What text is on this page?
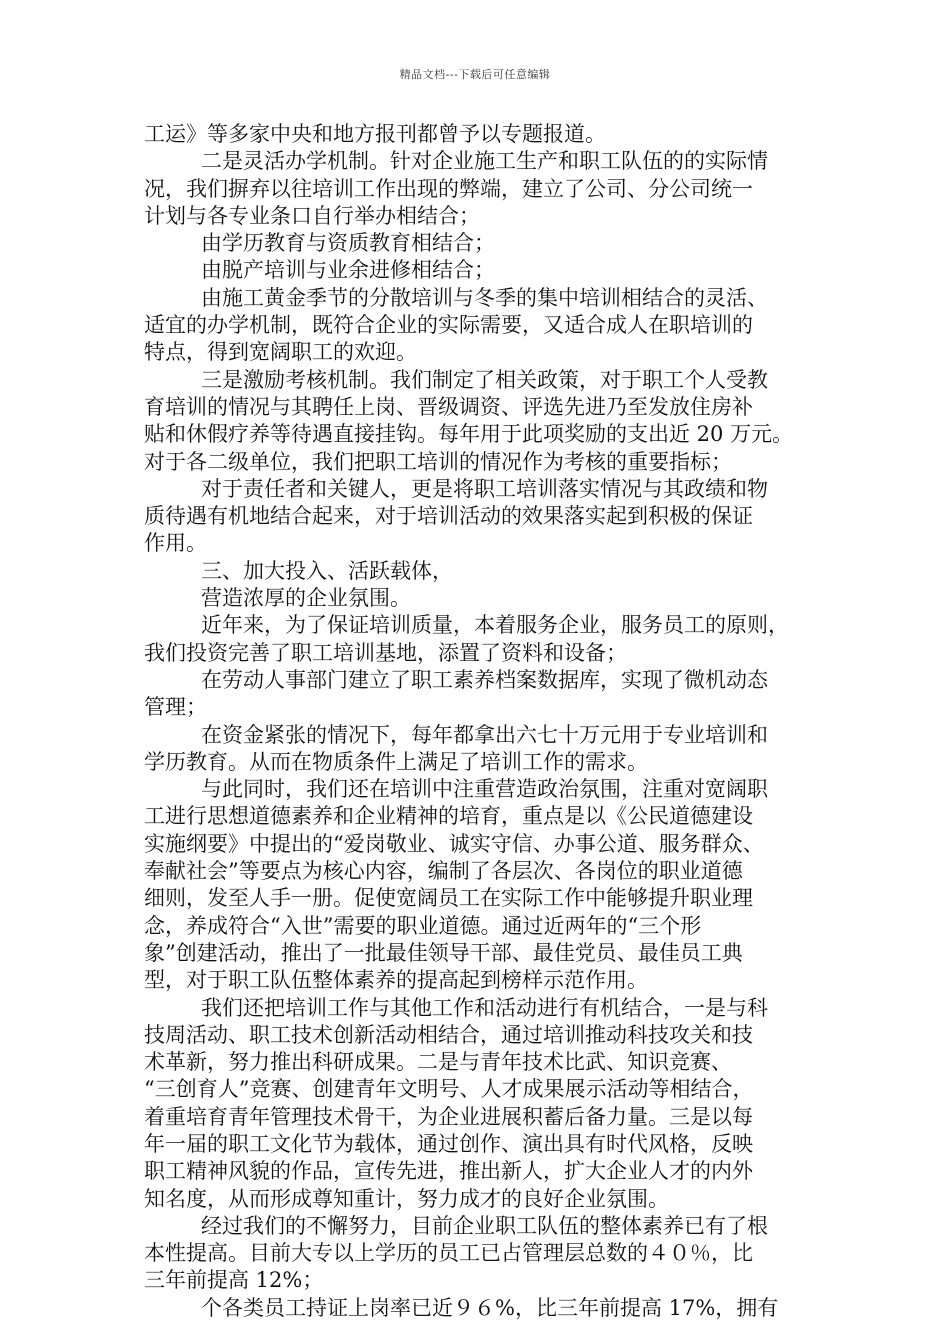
精品文档---下载后可任意编辑
工运》等多家中央和地方报刊都曾予以专题报道。
二是灵活办学机制。针对企业施工生产和职工队伍的的实际情
况，我们摒弃以往培训工作出现的弊端，建立了公司、分公司统一
计划与各专业条口自行举办相结合；
由学历教育与资质教育相结合；
由脱产培训与业余进修相结合；
由施工黄金季节的分散培训与冬季的集中培训相结合的灵活、
适宜的办学机制，既符合企业的实际需要，又适合成人在职培训的
特点，得到宽阔职工的欢迎。
三是激励考核机制。我们制定了相关政策，对于职工个人受教
育培训的情况与其聘任上岗、晋级调资、评选先进乃至发放住房补
贴和休假疗养等待遇直接挂钩。每年用于此项奖励的支出近 20 万元。
对于各二级单位，我们把职工培训的情况作为考核的重要指标；
对于责任者和关键人，更是将职工培训落实情况与其政绩和物
质待遇有机地结合起来，对于培训活动的效果落实起到积极的保证
作用。
三、加大投入、活跃载体，
营造浓厚的企业氛围。
近年来，为了保证培训质量，本着服务企业，服务员工的原则，
我们投资完善了职工培训基地，添置了资料和设备；
在劳动人事部门建立了职工素养档案数据库，实现了微机动态
管理；
在资金紧张的情况下，每年都拿出六七十万元用于专业培训和
学历教育。从而在物质条件上满足了培训工作的需求。
与此同时，我们还在培训中注重营造政治氛围，注重对宽阔职
工进行思想道德素养和企业精神的培育，重点是以《公民道德建设
实施纲要》中提出的“爱岗敬业、诚实守信、办事公道、服务群众、
奉献社会”等要点为核心内容，编制了各层次、各岗位的职业道德
细则，发至人手一册。促使宽阔员工在实际工作中能够提升职业理
念，养成符合“入世”需要的职业道德。通过近两年的“三个形
象”创建活动，推出了一批最佳领导干部、最佳党员、最佳员工典
型，对于职工队伍整体素养的提高起到榜样示范作用。
我们还把培训工作与其他工作和活动进行有机结合，一是与科
技周活动、职工技术创新活动相结合，通过培训推动科技攻关和技
术革新，努力推出科研成果。二是与青年技术比武、知识竞赛、
“三创育人”竞赛、创建青年文明号、人才成果展示活动等相结合，
着重培育青年管理技术骨干，为企业进展积蓄后备力量。三是以每
年一届的职工文化节为载体，通过创作、演出具有时代风格，反映
职工精神风貌的作品，宣传先进，推出新人，扩大企业人才的内外
知名度，从而形成尊知重计，努力成才的良好企业氛围。
经过我们的不懈努力，目前企业职工队伍的整体素养已有了根
本性提高。目前大专以上学历的员工已占管理层总数的４０％，比
三年前提高 12%；
个各类员工持证上岗率已近９６%，比三年前提高 17%，拥有
